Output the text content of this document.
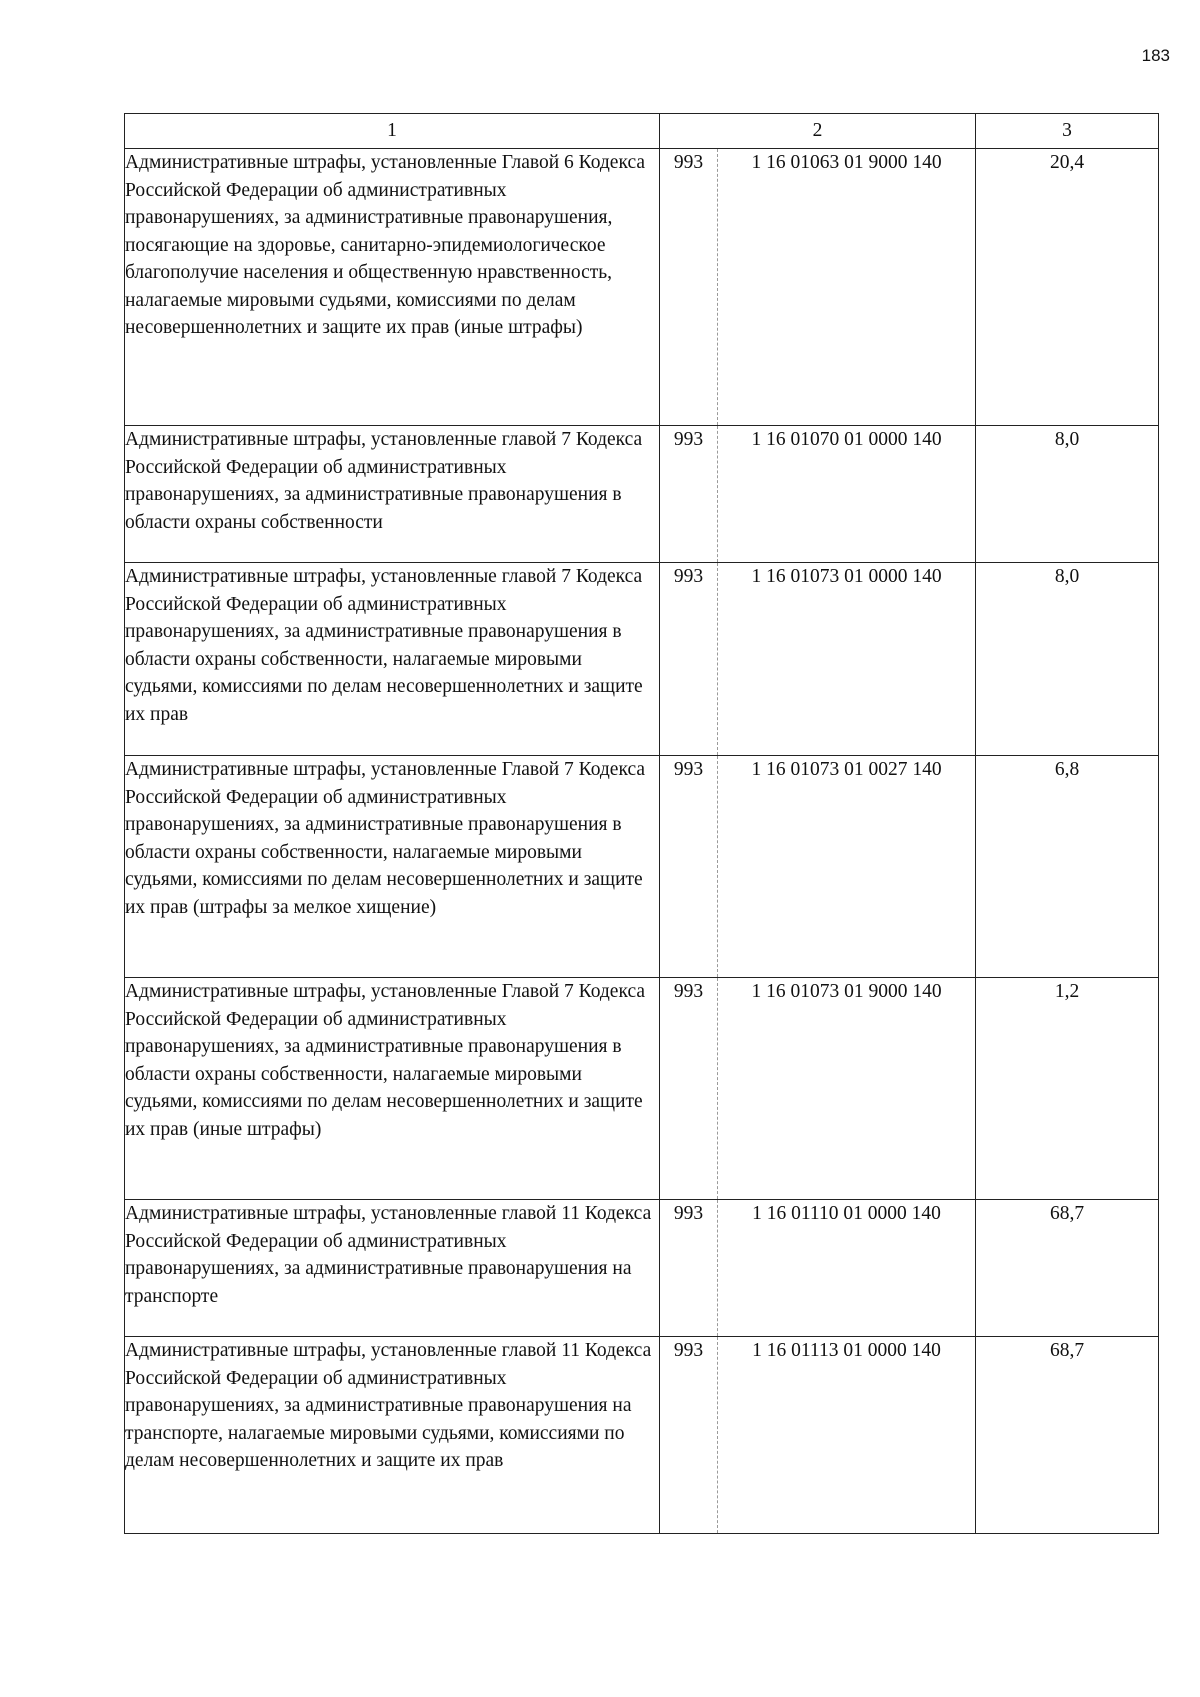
183
1	2		3
Административные штрафы, установленные Главой 6 Кодекса Российской Федерации об административных правонарушениях, за административные правонарушения, посягающие на здоровье, санитарно-эпидемиологическое благополучие населения и общественную нравственность, налагаемые мировыми судьями, комиссиями по делам несовершеннолетних и защите их прав (иные штрафы)	993	1 16 01063 01 9000 140	20,4
Административные штрафы, установленные главой 7 Кодекса Российской Федерации об административных правонарушениях, за административные правонарушения в области охраны собственности	993	1 16 01070 01 0000 140	8,0
Административные штрафы, установленные главой 7 Кодекса Российской Федерации об административных правонарушениях, за административные правонарушения в области охраны собственности, налагаемые мировыми судьями, комиссиями по делам несовершеннолетних и защите их прав	993	1 16 01073 01 0000 140	8,0
Административные штрафы, установленные Главой 7 Кодекса Российской Федерации об административных правонарушениях, за административные правонарушения в области охраны собственности, налагаемые мировыми судьями, комиссиями по делам несовершеннолетних и защите их прав (штрафы за мелкое хищение)	993	1 16 01073 01 0027 140	6,8
Административные штрафы, установленные Главой 7 Кодекса Российской Федерации об административных правонарушениях, за административные правонарушения в области охраны собственности, налагаемые мировыми судьями, комиссиями по делам несовершеннолетних и защите их прав (иные штрафы)	993	1 16 01073 01 9000 140	1,2
Административные штрафы, установленные главой 11 Кодекса Российской Федерации об административных правонарушениях, за административные правонарушения на транспорте	993	1 16 01110 01 0000 140	68,7
Административные штрафы, установленные главой 11 Кодекса Российской Федерации об административных правонарушениях, за административные правонарушения на транспорте, налагаемые мировыми судьями, комиссиями по делам несовершеннолетних и защите их прав	993	1 16 01113 01 0000 140	68,7
